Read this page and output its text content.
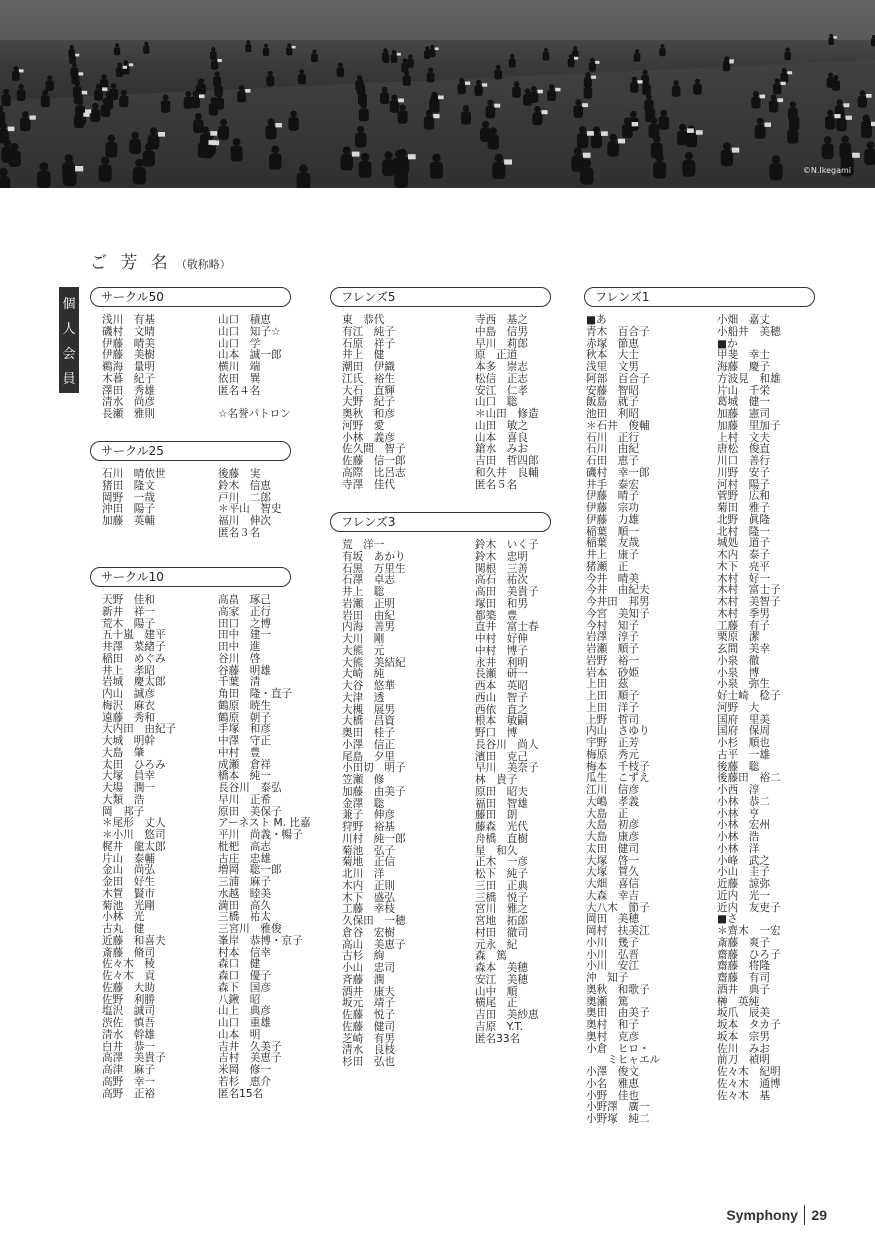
©N.Ikegami
ご 芳 名 （敬称略）
個
人
会
員
サークル50
浅川　有基
磯村　文晴
伊藤　晴美
伊藤　美樹
鵜海　量明
木暮　紀子
澤田　秀雄
清水　尚彦
長瀬　雅則
山口　積恵
山口　知子☆
山口　学
山本　誠一郎
横川　端
依田　巽
匿名４名

☆名誉パトロン
サークル25
石川　晴依世
猪田　隆文
岡野　一哉
沖田　陽子
加藤　英輔
後藤　実
鈴木　信恵
戸川　二郎
＊平山　智史
福川　伸次
匿名３名
サークル10
天野　佳和
新井　祥一
荒木　陽子
五十嵐　建平
井澤　菜緒子
稲田　めぐみ
井上　孝昭
岩城　慶太郎
内山　誠彦
梅沢　麻衣
遠藤　秀和
大内田　由紀子
大城　明幹
大島　肇
太田　ひろみ
大塚　員幸
大場　潤一
大類　浩
岡　邦子
＊尾形　丈人
＊小川　悠司
梶井　龍太郎
片山　泰輔
金山　尚弘
金田　好生
木賀　賢市
菊池　光剛
小林　光
古丸　健
近藤　和喜夫
斎藤　脩司
佐々木　稜
佐々木　貢
佐藤　大助
佐野　利勝
塩沢　誠司
渋佐　慎吾
清水　幹雄
白井　恭一
高澤　美貴子
高津　麻子
高野　幸一
高野　正裕
高畠　琢己
高家　正行
田口　之博
田中　建一
田中　進
谷川　啓
谷藤　明雄
千葉　清
角田　隆・直子
鶴原　暁生
鶴原　朝子
手塚　和彦
中澤　守正
中村　豊
成瀬　倉祥
橋本　純一
長谷川　泰弘
早川　正希
原田　美保子
アーネスト M. 比嘉
平川　尚義・暢子
枇杷　高志
古庄　忠雄
増岡　聡一郎
三浦　麻子
水越　睦美
満田　高久
三橋　祐太
三宮川　雅俊
峯岸　恭博・京子
村本　信幸
森口　健
森口　優子
森下　国彦
八鍬　昭
山上　典彦
山口　重雄
山本　明
吉井　久美子
吉村　美恵子
米岡　修一
若杉　恵介
匿名15名
フレンズ5
東　恭代
有江　純子
石原　祥子
井上　健
潮田　伊織
江氏　裕生
大石　直輝
大野　紀子
奥秋　和彦
河野　愛
小林　義彦
佐久間　智子
佐藤　信一郎
高際　比呂志
寺澤　佳代
寺西　基之
中島　信男
早川　莉郎
原　正道
本多　崇志
松信　正志
安江　仁孝
山口　聡
＊山田　修造
山田　敏之
山本　喜良
鎗水　みお
吉田　哲四郎
和久井　良輔
匿名５名
フレンズ3
荒　洋一
有坂　あかり
石黒　万里生
石澤　卓志
井上　聡
岩瀬　正明
岩田　由紀
内海　善男
大川　剛
大熊　元
大熊　美結紀
大崎　純
大谷　悠華
大津　透
大槻　展男
大橋　昌資
奥田　桂子
小澤　信正
尾島　夕里
小田切　明子
笠瀬　修
加藤　由美子
金澤　聡
兼子　伸彦
狩野　裕基
川村　純一郎
菊池　弘子
菊地　正信
北川　洋
木内　正則
木下　盛弘
工藤　幸枝
久保田　一穂
倉谷　宏樹
高山　美恵子
古杉　絢
小山　忠司
斉藤　潤
酒井　康夫
坂元　靖子
佐藤　悦子
佐藤　健司
芝崎　有男
清水　良枝
杉田　弘也
鈴木　いく子
鈴木　忠明
関根　三善
高石　祐次
高田　美貴子
塚田　和男
都築　豊
直井　富士春
中村　好伸
中村　博子
永井　利明
長瀬　研一
西本　英昭
西山　智子
西依　直之
根本　敏嗣
野口　博
長谷川　尚人
濱田　克己
早川　美奈子
林　貴子
原田　昭夫
福田　智雄
藤田　朗
藤森　光代
舟橋　直樹
星　和久
正木　一彦
松下　純子
三田　正典
三橋　悦子
宮川　雅之
宮地　拓郎
村田　徹司
元永　紀
森　篤
森本　美穂
安江　美穂
山中　順
横尾　正
吉田　美紗恵
吉原　Y.T.
匿名33名
フレンズ1
■あ
青木　百合子
赤塚　節恵
秋本　大士
浅里　文男
阿部　百合子
安藤　智昭
飯島　就子
池田　利昭
＊石井　俊輔
石川　正行
石川　由紀
石田　恵子
磯村　幸一郎
井手　泰宏
伊藤　晴子
伊藤　宗功
伊藤　力雄
稲葉　順一
稲葉　友哉
井上　康子
猪瀬　正
今井　晴美
今井　由紀夫
今井田　邦男
今宮　美知子
今村　知子
岩澤　淳子
岩瀬　順子
岩野　裕一
岩本　砂姫
上田　茲
上田　順子
上田　洋子
上野　哲司
内山　さゆり
宇野　正芳
梅原　秀元
梅本　千枝子
瓜生　こずえ
江川　信彦
大嶋　孝義
大島　正
大島　初彦
大島　康彦
太田　健司
大塚　啓一
大塚　賀久
大畑　喜信
大森　幸吉
大八木　節子
岡田　美穂
岡村　扶美江
小川　幾子
小川　弘晋
小川　安江
沖　知子
奥秋　和歌子
奥瀬　篤
奥田　由美子
奥村　和子
奥村　克彦
小倉　ヒロ・
　　ミヒャエル
小澤　俊文
小名　雅恵
小野　佳也
小野澤　廣一
小野塚　純二
小畑　嘉丈
小船井　美穂
■か
甲斐　幸士
海藤　慶子
方波見　和雄
片山　千栄
葛城　健一
加藤　憲司
加藤　里加子
上村　文夫
唐松　俊直
川口　善行
川野　安子
河村　陽子
菅野　広和
菊田　雅子
北野　眞隆
北村　隆一
城処　道子
木内　泰子
木下　亮平
木村　好一
木村　富士子
木村　美智子
木村　季男
工藤　有子
栗原　潔
玄間　美幸
小泉　徹
小泉　博
小泉　弥生
好士崎　稔子
河野　大
国府　里美
国府　保周
小杉　順也
古平　一雄
後藤　聡
後藤田　裕二
小西　淳
小林　恭二
小林　亨
小林　宏州
小林　浩
小林　洋
小峰　武之
小山　圭子
近藤　諒弥
近内　光一
近内　友吏子
■さ
＊齊木　一宏
斎藤　爽子
齋藤　ひろ子
齋藤　将隆
齋藤　有司
酒井　典子
榊　英純
坂爪　辰美
坂本　タカ子
坂本　宗男
佐川　みお
前刀　禎明
佐々木　紀明
佐々木　通博
佐々木　基
Symphony 29
